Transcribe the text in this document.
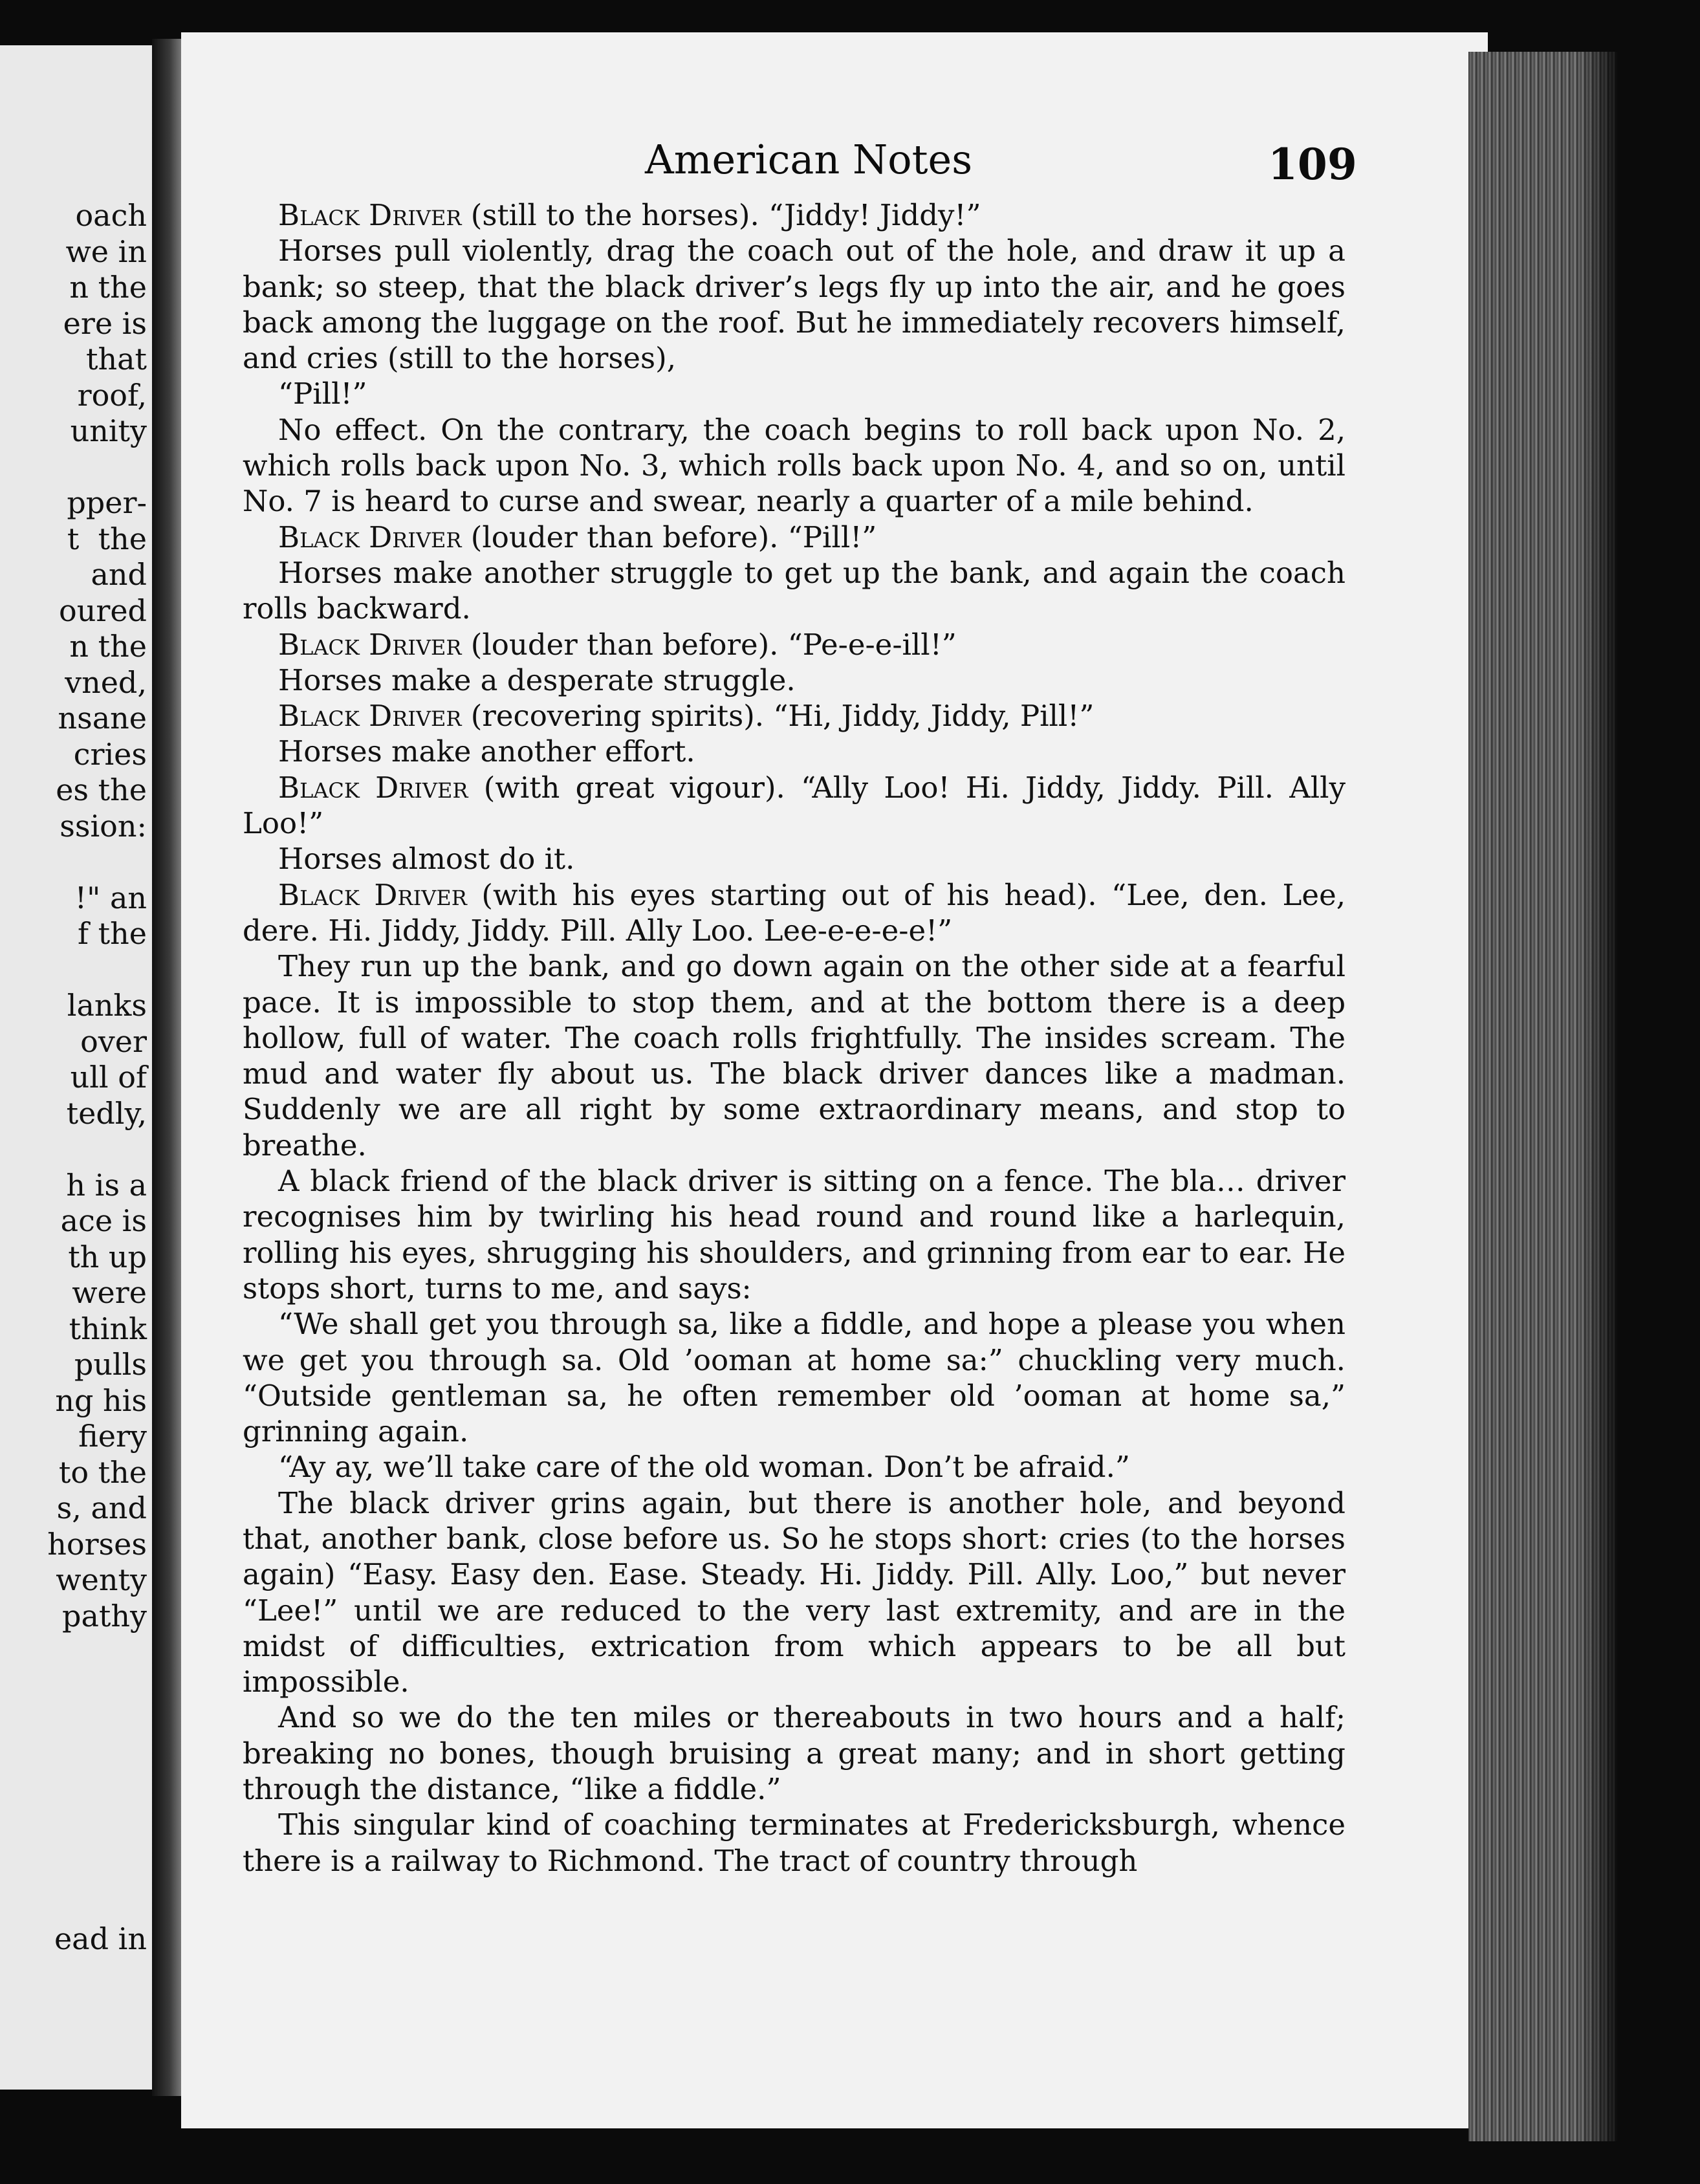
oach
we in
n the
ere is
that
roof,
unity

pper-
t  the
and
oured
n the
vned,
nsane
cries
es the
ssion:

!" an
f the

lanks
over
ull of
tedly,

h is a
ace is
th up
were
think
pulls
ng his
fiery
to the
s, and
horses
wenty
pathy

ead in
American Notes	109

Black Driver (still to the horses). “Jiddy! Jiddy!”

Horses pull violently, drag the coach out of the hole, and draw it up a bank; so steep, that the black driver’s legs fly up into the air, and he goes back among the luggage on the roof. But he immediately recovers himself, and cries (still to the horses),

“Pill!”

No effect. On the contrary, the coach begins to roll back upon No. 2, which rolls back upon No. 3, which rolls back upon No. 4, and so on, until No. 7 is heard to curse and swear, nearly a quarter of a mile behind.

Black Driver (louder than before). “Pill!”

Horses make another struggle to get up the bank, and again the coach rolls backward.

Black Driver (louder than before). “Pe-e-e-ill!”

Horses make a desperate struggle.

Black Driver (recovering spirits). “Hi, Jiddy, Jiddy, Pill!”

Horses make another effort.

Black Driver (with great vigour). “Ally Loo! Hi. Jiddy, Jiddy. Pill. Ally Loo!”

Horses almost do it.

Black Driver (with his eyes starting out of his head). “Lee, den. Lee, dere. Hi. Jiddy, Jiddy. Pill. Ally Loo. Lee-e-e-e-e!”

They run up the bank, and go down again on the other side at a fearful pace. It is impossible to stop them, and at the bottom there is a deep hollow, full of water. The coach rolls frightfully. The insides scream. The mud and water fly about us. The black driver dances like a madman. Suddenly we are all right by some extraordinary means, and stop to breathe.

A black friend of the black driver is sitting on a fence. The bla… driver recognises him by twirling his head round and round like a harlequin, rolling his eyes, shrugging his shoulders, and grinning from ear to ear. He stops short, turns to me, and says:

“We shall get you through sa, like a fiddle, and hope a please you when we get you through sa. Old ’ooman at home sa:” chuckling very much. “Outside gentleman sa, he often remember old ’ooman at home sa,” grinning again.

“Ay ay, we’ll take care of the old woman. Don’t be afraid.”

The black driver grins again, but there is another hole, and beyond that, another bank, close before us. So he stops short: cries (to the horses again) “Easy. Easy den. Ease. Steady. Hi. Jiddy. Pill. Ally. Loo,” but never “Lee!” until we are reduced to the very last extremity, and are in the midst of difficulties, extrication from which appears to be all but impossible.

And so we do the ten miles or thereabouts in two hours and a half; breaking no bones, though bruising a great many; and in short getting through the distance, “like a fiddle.”

This singular kind of coaching terminates at Fredericksburgh, whence there is a railway to Richmond. The tract of country through
